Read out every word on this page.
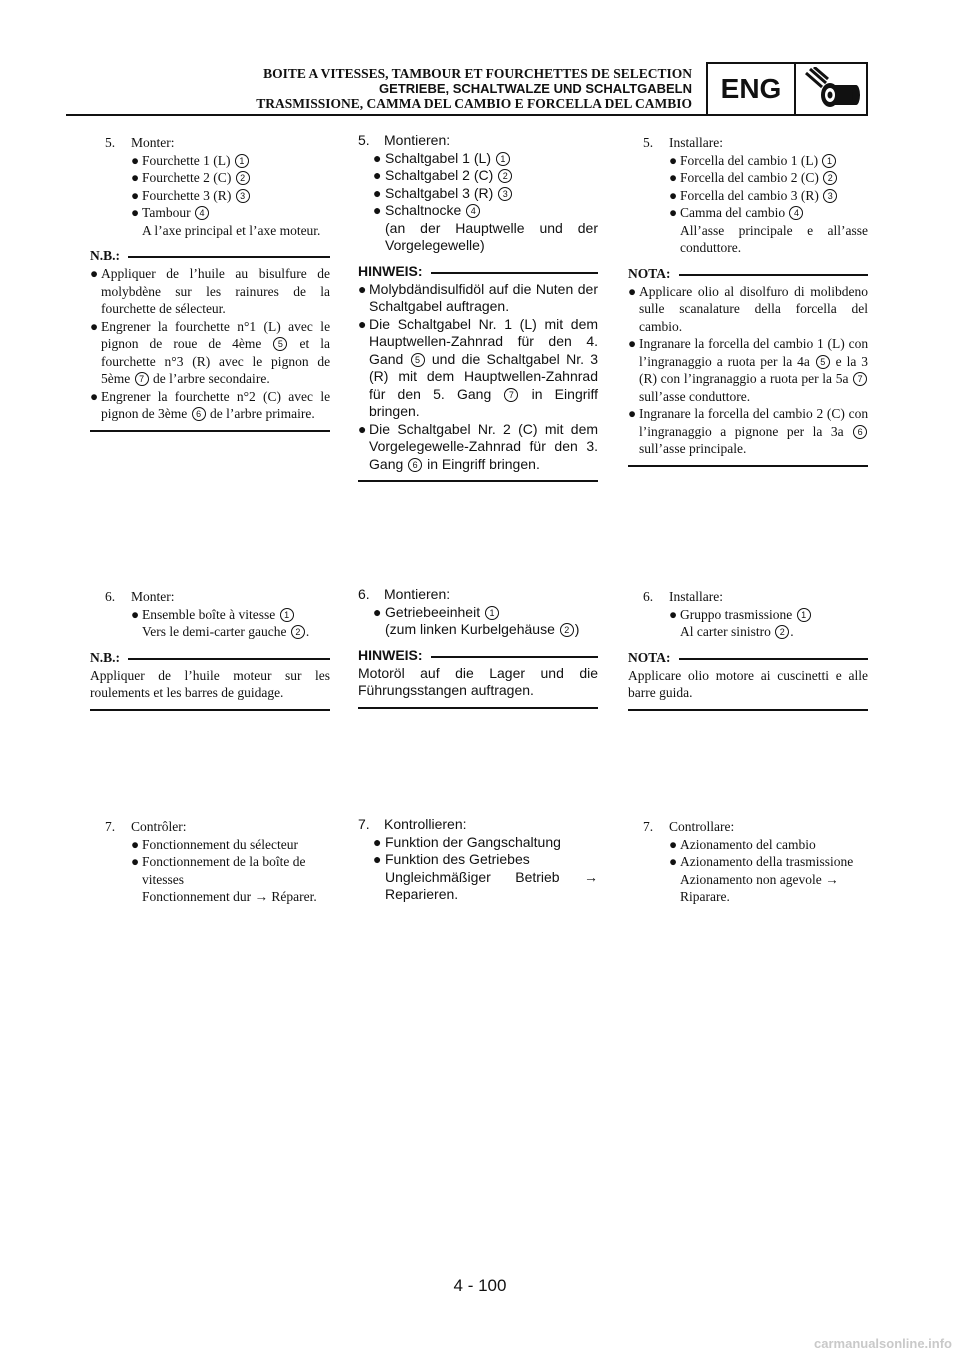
BOITE A VITESSES, TAMBOUR ET FOURCHETTES DE SELECTION
GETRIEBE, SCHALTWALZE UND SCHALTGABELN
TRASMISSIONE, CAMMA DEL CAMBIO E FORCELLA DEL CAMBIO	ENG
5. Monter:
● Fourchette 1 (L) 1
● Fourchette 2 (C) 2
● Fourchette 3 (R) 3
● Tambour 4
A l’axe principal et l’axe moteur.
N.B.:
● Appliquer de l’huile au bisulfure de molybdène sur les rainures de la fourchette de sélecteur.
● Engrener la fourchette n°1 (L) avec le pignon de roue de 4ème 5 et la fourchette n°3 (R) avec le pignon de 5ème 7 de l’arbre secondaire.
● Engrener la fourchette n°2 (C) avec le pignon de 3ème 6 de l’arbre primaire.
6. Monter:
● Ensemble boîte à vitesse 1
Vers le demi-carter gauche 2 .
N.B.:
Appliquer de l’huile moteur sur les roulements et les barres de guidage.
7. Contrôler:
● Fonctionnement du sélecteur
● Fonctionnement de la boîte de vitesses
Fonctionnement dur → Réparer.
5. Montieren:
● Schaltgabel 1 (L) 1
● Schaltgabel 2 (C) 2
● Schaltgabel 3 (R) 3
● Schaltnocke 4
(an der Hauptwelle und der Vorgelegewelle)
HINWEIS:
● Molybdändisulfidöl auf die Nuten der Schaltgabel auftragen.
● Die Schaltgabel Nr. 1 (L) mit dem Hauptwellen-Zahnrad für den 4. Gand 5 und die Schaltgabel Nr. 3 (R) mit dem Hauptwellen-Zahnrad für den 5. Gang 7 in Eingriff bringen.
● Die Schaltgabel Nr. 2 (C) mit dem Vorgelegewelle-Zahnrad für den 3. Gang 6 in Eingriff bringen.
6. Montieren:
● Getriebeeinheit 1
(zum linken Kurbelgehäuse 2 )
HINWEIS:
Motoröl auf die Lager und die Führungsstangen auftragen.
7. Kontrollieren:
● Funktion der Gangschaltung
● Funktion des Getriebes
Ungleichmäßiger Betrieb → Reparieren.
5. Installare:
● Forcella del cambio 1 (L) 1
● Forcella del cambio 2 (C) 2
● Forcella del cambio 3 (R) 3
● Camma del cambio 4
All’asse principale e all’asse conduttore.
NOTA:
● Applicare olio al disolfuro di molibdeno sulle scanalature della forcella del cambio.
● Ingranare la forcella del cambio 1 (L) con l’ingranaggio a ruota per la 4a 5 e la 3 (R) con l’ingranaggio a ruota per la 5a 7 sull’asse conduttore.
● Ingranare la forcella del cambio 2 (C) con l’ingranaggio a pignone per la 3a 6 sull’asse principale.
6. Installare:
● Gruppo trasmissione 1
Al carter sinistro 2 .
NOTA:
Applicare olio motore ai cuscinetti e alle barre guida.
7. Controllare:
● Azionamento del cambio
● Azionamento della trasmissione
Azionamento non agevole → Riparare.
4 - 100
carmanualsonline.info
